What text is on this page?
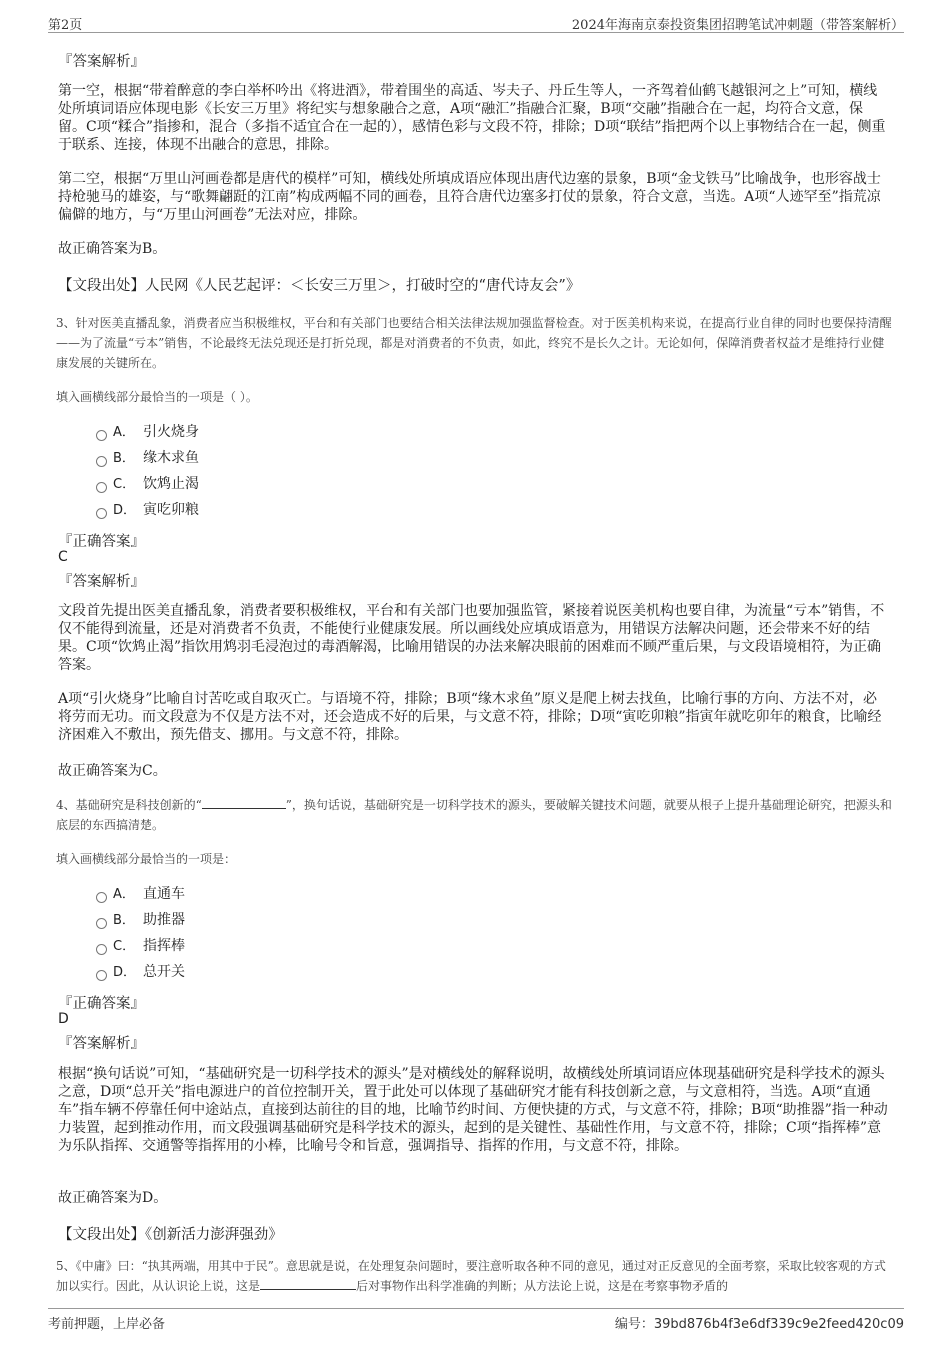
第2页	2024年海南京泰投资集团招聘笔试冲刺题（带答案解析）
『答案解析』
第一空，根据“带着醉意的李白举杯吟出《将进酒》，带着围坐的高适、岑夫子、丹丘生等人，一齐驾着仙鹤飞越银河之上”可知，横线处所填词语应体现电影《长安三万里》将纪实与想象融合之意，A项“融汇”指融合汇聚，B项“交融”指融合在一起，均符合文意，保留。C项“糅合”指掺和，混合（多指不适宜合在一起的），感情色彩与文段不符，排除；D项“联结”指把两个以上事物结合在一起，侧重于联系、连接，体现不出融合的意思，排除。
第二空，根据“万里山河画卷都是唐代的模样”可知，横线处所填成语应体现出唐代边塞的景象，B项“金戈铁马”比喻战争，也形容战士持枪驰马的雄姿，与“歌舞翩跹的江南”构成两幅不同的画卷，且符合唐代边塞多打仗的景象，符合文意，当选。A项“人迹罕至”指荒凉偏僻的地方，与“万里山河画卷”无法对应，排除。
故正确答案为B。
【文段出处】人民网《人民艺起评：＜长安三万里＞，打破时空的“唐代诗友会”》
3、针对医美直播乱象，消费者应当积极维权，平台和有关部门也要结合相关法律法规加强监督检查。对于医美机构来说，在提高行业自律的同时也要保持清醒——为了流量“亏本”销售，不论最终无法兑现还是打折兑现，都是对消费者的不负责，如此，终究不是长久之计。无论如何，保障消费者权益才是维持行业健康发展的关键所在。
填入画横线部分最恰当的一项是（ ）。
A． 引火烧身
B． 缘木求鱼
C． 饮鸩止渴
D． 寅吃卯粮
『正确答案』
C
『答案解析』
文段首先提出医美直播乱象，消费者要积极维权，平台和有关部门也要加强监管，紧接着说医美机构也要自律，为流量“亏本”销售，不仅不能得到流量，还是对消费者不负责，不能使行业健康发展。所以画线处应填成语意为，用错误方法解决问题，还会带来不好的结果。C项“饮鸩止渴”指饮用鸩羽毛浸泡过的毒酒解渴，比喻用错误的办法来解决眼前的困难而不顾严重后果，与文段语境相符，为正确答案。
A项“引火烧身”比喻自讨苦吃或自取灭亡。与语境不符，排除；B项“缘木求鱼”原义是爬上树去找鱼，比喻行事的方向、方法不对，必将劳而无功。而文段意为不仅是方法不对，还会造成不好的后果，与文意不符，排除；D项“寅吃卯粮”指寅年就吃卯年的粮食，比喻经济困难入不敷出，预先借支、挪用。与文意不符，排除。
故正确答案为C。
4、基础研究是科技创新的“	”，换句话说，基础研究是一切科学技术的源头，要破解关键技术问题，就要从根子上提升基础理论研究，把源头和底层的东西搞清楚。
填入画横线部分最恰当的一项是：
A． 直通车
B． 助推器
C． 指挥棒
D． 总开关
『正确答案』
D
『答案解析』
根据“换句话说”可知，“基础研究是一切科学技术的源头”是对横线处的解释说明，故横线处所填词语应体现基础研究是科学技术的源头之意，D项“总开关”指电源进户的首位控制开关，置于此处可以体现了基础研究才能有科技创新之意，与文意相符，当选。A项“直通车”指车辆不停靠任何中途站点，直接到达前往的目的地，比喻节约时间、方便快捷的方式，与文意不符，排除；B项“助推器”指一种动力装置，起到推动作用，而文段强调基础研究是科学技术的源头，起到的是关键性、基础性作用，与文意不符，排除；C项“指挥棒”意为乐队指挥、交通警等指挥用的小棒，比喻号令和旨意，强调指导、指挥的作用，与文意不符，排除。
故正确答案为D。
【文段出处】《创新活力澎湃强劲》
5、《中庸》曰：“执其两端，用其中于民”。意思就是说，在处理复杂问题时，要注意听取各种不同的意见，通过对正反意见的全面考察，采取比较客观的方式加以实行。因此，从认识论上说，这是	后对事物作出科学准确的判断；从方法论上说，这是在考察事物矛盾的
考前押题，上岸必备	编号：39bd876b4f3e6df339c9e2feed420c09
